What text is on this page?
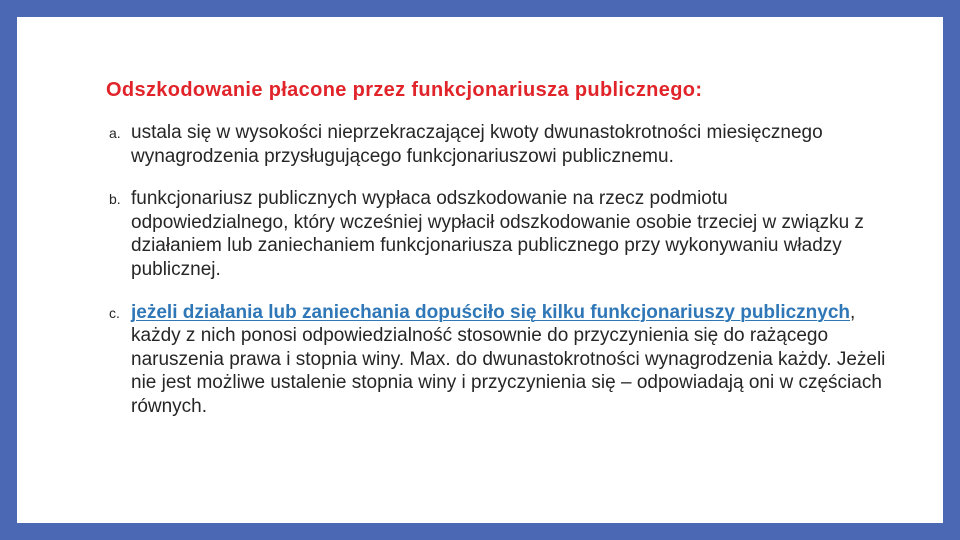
Odszkodowanie płacone przez funkcjonariusza publicznego:
a. ustala się w wysokości nieprzekraczającej kwoty dwunastokrotności miesięcznego wynagrodzenia przysługującego funkcjonariuszowi publicznemu.
b. funkcjonariusz publicznych wypłaca odszkodowanie na rzecz podmiotu odpowiedzialnego, który wcześniej wypłacił odszkodowanie osobie trzeciej w związku z działaniem lub zaniechaniem funkcjonariusza publicznego przy wykonywaniu władzy publicznej.
c. jeżeli działania lub zaniechania dopuściło się kilku funkcjonariuszy publicznych, każdy z nich ponosi odpowiedzialność stosownie do przyczynienia się do rażącego naruszenia prawa i stopnia winy. Max. do dwunastokrotności wynagrodzenia każdy. Jeżeli nie jest możliwe ustalenie stopnia winy i przyczynienia się – odpowiadają oni w częściach równych.
